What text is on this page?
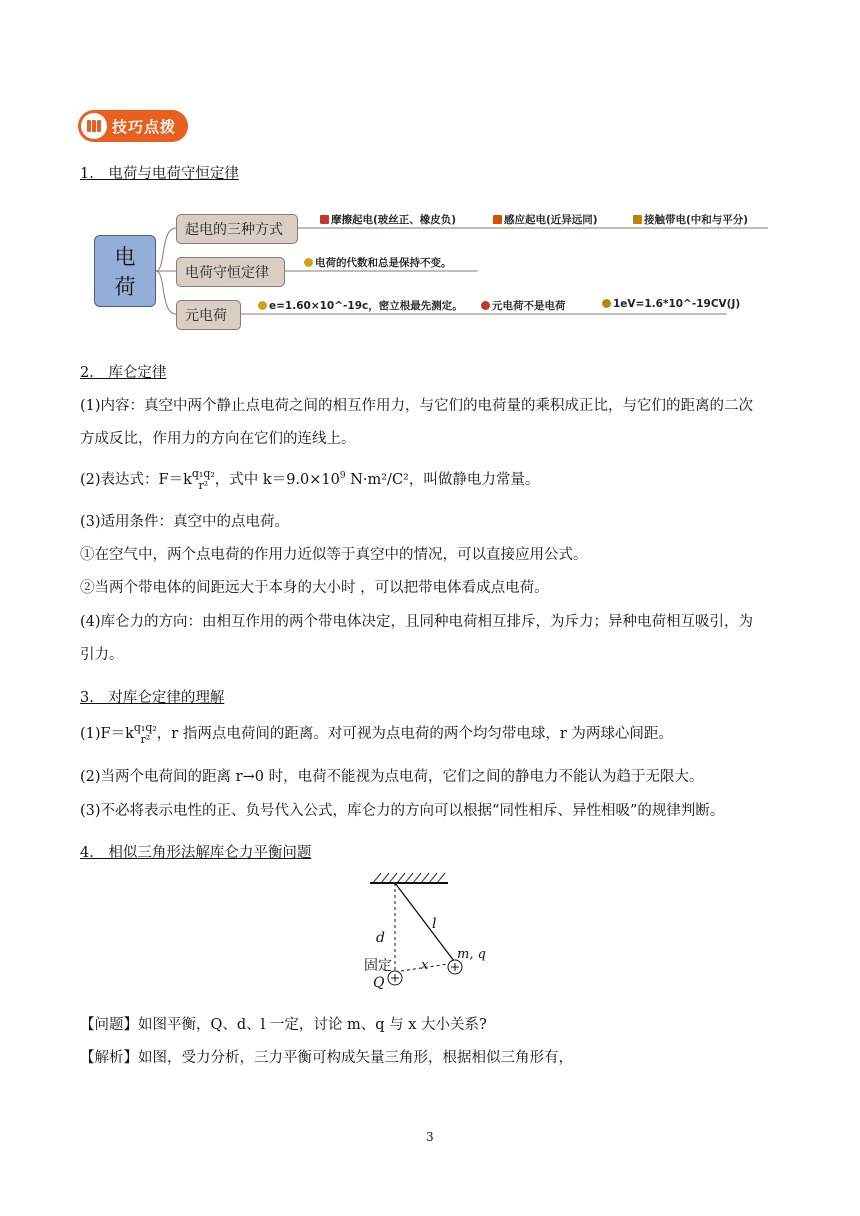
技巧点拨
1.　电荷与电荷守恒定律
电荷
起电的三种方式
电荷守恒定律
元电荷
摩擦起电(玻丝正、橡皮负)	感应起电(近异远同)	接触带电(中和与平分)
电荷的代数和总是保持不变。
e=1.60×10^-19c，密立根最先测定。	元电荷不是电荷	1eV=1.6*10^-19CV(J)
2.　库仑定律
(1)内容：真空中两个静止点电荷之间的相互作用力，与它们的电荷量的乘积成正比，与它们的距离的二次
方成反比，作用力的方向在它们的连线上。
(2)表达式：F＝k q₁q₂
r² ，式中 $k=9.0\times 10^9$ N·m²/C²，叫做静电力常量。
(3)适用条件：真空中的点电荷。
①在空气中，两个点电荷的作用力近似等于真空中的情况，可以直接应用公式。
②当两个带电体的间距远大于本身的大小时 ，可以把带电体看成点电荷。
(4)库仑力的方向：由相互作用的两个带电体决定，且同种电荷相互排斥，为斥力；异种电荷相互吸引，为
引力。
3.　对库仑定律的理解
(1)F＝k q₁q₂
r² ，r 指两点电荷间的距离。对可视为点电荷的两个均匀带电球，r 为两球心间距。
(2)当两个电荷间的距离 r→0 时，电荷不能视为点电荷，它们之间的静电力不能认为趋于无限大。
(3)不必将表示电性的正、负号代入公式，库仑力的方向可以根据“同性相斥、异性相吸”的规律判断。
4.　相似三角形法解库仑力平衡问题
d
l
固定
Q
x
m, q
【问题】如图平衡，Q、d、l 一定，讨论 m、q 与 x 大小关系?
【解析】如图，受力分析，三力平衡可构成矢量三角形，根据相似三角形有，
3
